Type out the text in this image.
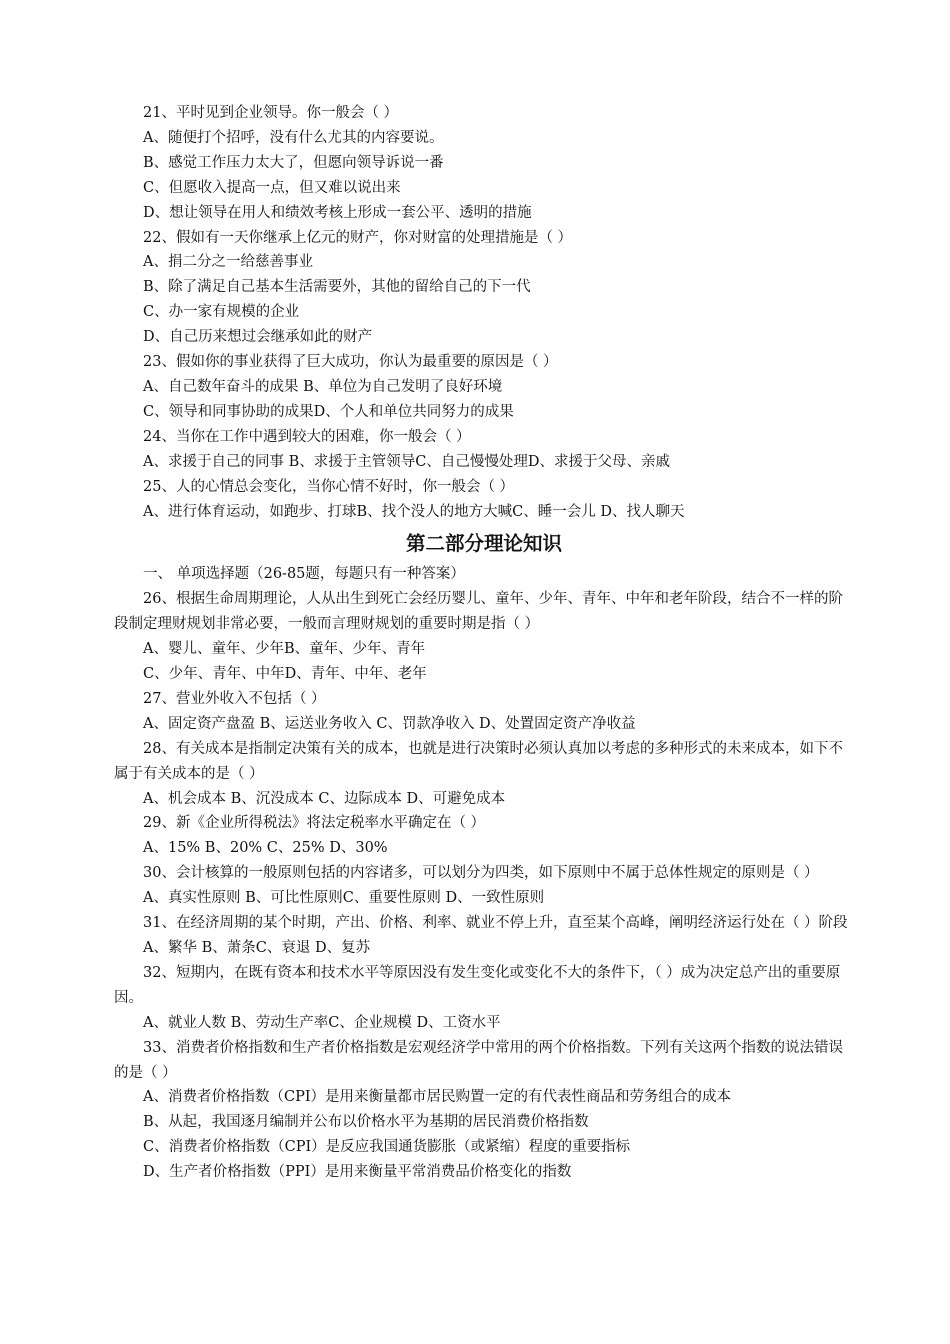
21、平时见到企业领导。你一般会（ ）
A、随便打个招呼，没有什么尤其的内容要说。
B、感觉工作压力太大了，但愿向领导诉说一番
C、但愿收入提高一点，但又难以说出来
D、想让领导在用人和绩效考核上形成一套公平、透明的措施
22、假如有一天你继承上亿元的财产，你对财富的处理措施是（ ）
A、捐二分之一给慈善事业
B、除了满足自己基本生活需要外，其他的留给自己的下一代
C、办一家有规模的企业
D、自己历来想过会继承如此的财产
23、假如你的事业获得了巨大成功，你认为最重要的原因是（ ）
A、自己数年奋斗的成果 B、单位为自己发明了良好环境
C、领导和同事协助的成果D、个人和单位共同努力的成果
24、当你在工作中遇到较大的困难，你一般会（ ）
A、求援于自己的同事 B、求援于主管领导C、自己慢慢处理D、求援于父母、亲戚
25、人的心情总会变化，当你心情不好时，你一般会（ ）
A、进行体育运动，如跑步、打球B、找个没人的地方大喊C、睡一会儿 D、找人聊天
第二部分理论知识
一、 单项选择题（26-85题，每题只有一种答案）
26、根据生命周期理论，人从出生到死亡会经历婴儿、童年、少年、青年、中年和老年阶段，结合不一样的阶段制定理财规划非常必要，一般而言理财规划的重要时期是指（ ）
A、婴儿、童年、少年B、童年、少年、青年
C、少年、青年、中年D、青年、中年、老年
27、营业外收入不包括（ ）
A、固定资产盘盈 B、运送业务收入 C、罚款净收入 D、处置固定资产净收益
28、有关成本是指制定决策有关的成本，也就是进行决策时必须认真加以考虑的多种形式的未来成本，如下不属于有关成本的是（ ）
A、机会成本 B、沉没成本 C、边际成本 D、可避免成本
29、新《企业所得税法》将法定税率水平确定在（ ）
A、15% B、20% C、25% D、30%
30、会计核算的一般原则包括的内容诸多，可以划分为四类，如下原则中不属于总体性规定的原则是（ ）
A、真实性原则 B、可比性原则C、重要性原则 D、一致性原则
31、在经济周期的某个时期，产出、价格、利率、就业不停上升，直至某个高峰，阐明经济运行处在（ ）阶段
A、繁华 B、萧条C、衰退 D、复苏
32、短期内，在既有资本和技术水平等原因没有发生变化或变化不大的条件下，（ ）成为决定总产出的重要原因。
A、就业人数 B、劳动生产率C、企业规模 D、工资水平
33、消费者价格指数和生产者价格指数是宏观经济学中常用的两个价格指数。下列有关这两个指数的说法错误的是（ ）
A、消费者价格指数（CPI）是用来衡量都市居民购置一定的有代表性商品和劳务组合的成本
B、从起，我国逐月编制并公布以价格水平为基期的居民消费价格指数
C、消费者价格指数（CPI）是反应我国通货膨胀（或紧缩）程度的重要指标
D、生产者价格指数（PPI）是用来衡量平常消费品价格变化的指数
